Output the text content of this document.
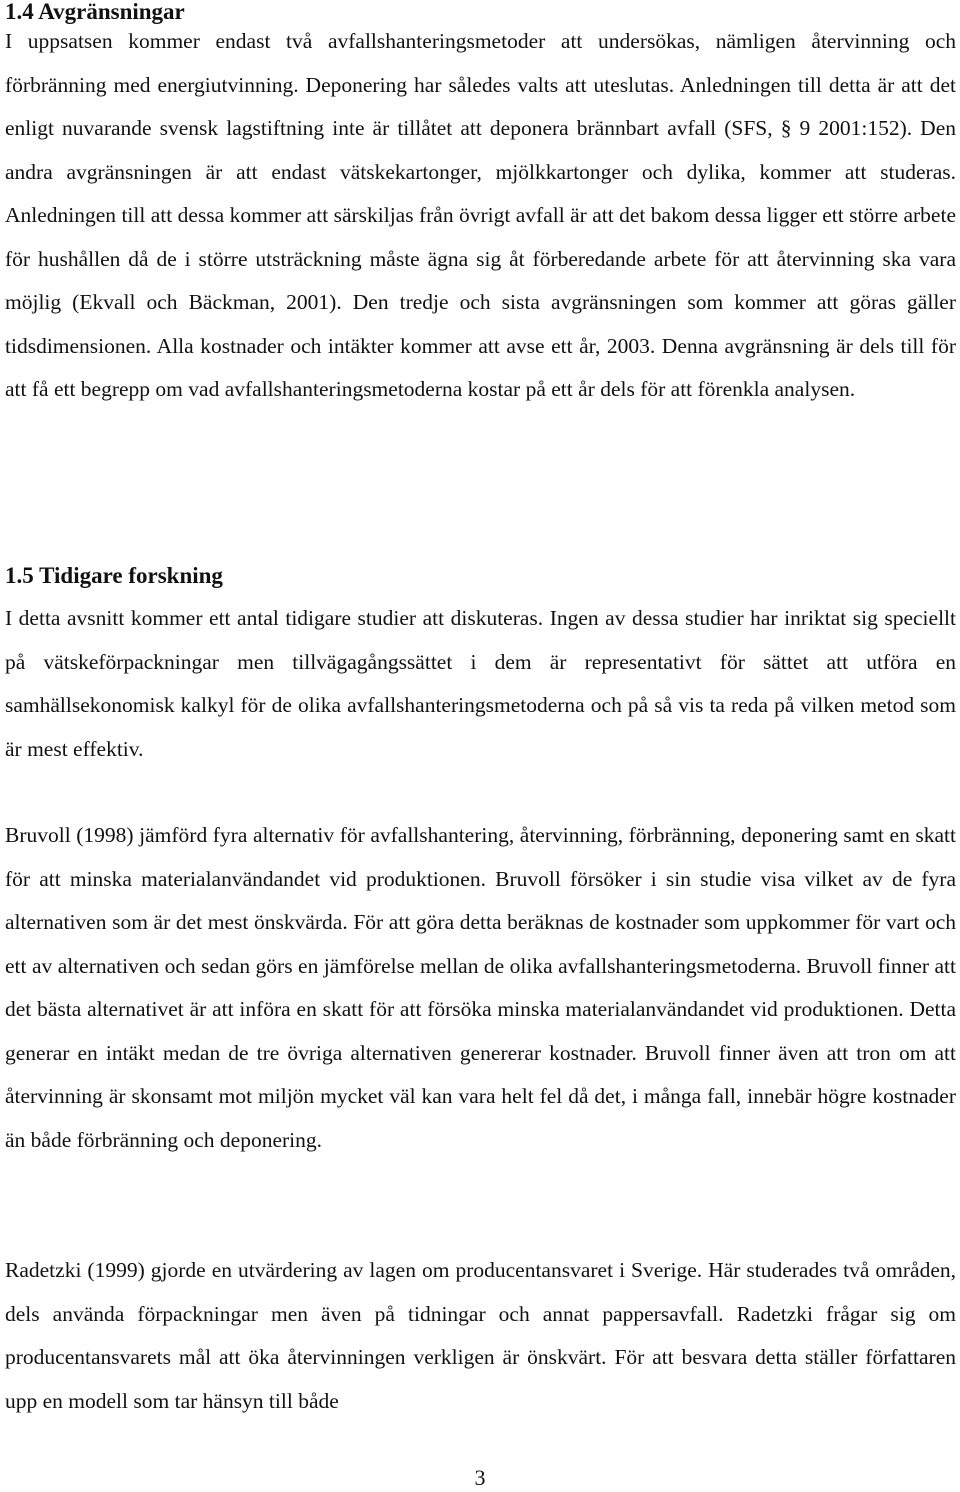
1.4 Avgränsningar

I uppsatsen kommer endast två avfallshanteringsmetoder att undersökas, nämligen återvinning och förbränning med energiutvinning. Deponering har således valts att uteslutas. Anledningen till detta är att det enligt nuvarande svensk lagstiftning inte är tillåtet att deponera brännbart avfall (SFS, § 9 2001:152). Den andra avgränsningen är att endast vätskekartonger, mjölkkartonger och dylika, kommer att studeras. Anledningen till att dessa kommer att särskiljas från övrigt avfall är att det bakom dessa ligger ett större arbete för hushållen då de i större utsträckning måste ägna sig åt förberedande arbete för att återvinning ska vara möjlig (Ekvall och Bäckman, 2001). Den tredje och sista avgränsningen som kommer att göras gäller tidsdimensionen. Alla kostnader och intäkter kommer att avse ett år, 2003. Denna avgränsning är dels till för att få ett begrepp om vad avfallshanteringsmetoderna kostar på ett år dels för att förenkla analysen.

1.5 Tidigare forskning

I detta avsnitt kommer ett antal tidigare studier att diskuteras. Ingen av dessa studier har inriktat sig speciellt på vätskeförpackningar men tillvägagångssättet i dem är representativt för sättet att utföra en samhällsekonomisk kalkyl för de olika avfallshanteringsmetoderna och på så vis ta reda på vilken metod som är mest effektiv.

Bruvoll (1998) jämförd fyra alternativ för avfallshantering, återvinning, förbränning, deponering samt en skatt för att minska materialanvändandet vid produktionen. Bruvoll försöker i sin studie visa vilket av de fyra alternativen som är det mest önskvärda. För att göra detta beräknas de kostnader som uppkommer för vart och ett av alternativen och sedan görs en jämförelse mellan de olika avfallshanteringsmetoderna. Bruvoll finner att det bästa alternativet är att införa en skatt för att försöka minska materialanvändandet vid produktionen. Detta generar en intäkt medan de tre övriga alternativen genererar kostnader. Bruvoll finner även att tron om att återvinning är skonsamt mot miljön mycket väl kan vara helt fel då det, i många fall, innebär högre kostnader än både förbränning och deponering.

Radetzki (1999) gjorde en utvärdering av lagen om producentansvaret i Sverige. Här studerades två områden, dels använda förpackningar men även på tidningar och annat pappersavfall. Radetzki frågar sig om producentansvarets mål att öka återvinningen verkligen är önskvärt. För att besvara detta ställer författaren upp en modell som tar hänsyn till både

3
